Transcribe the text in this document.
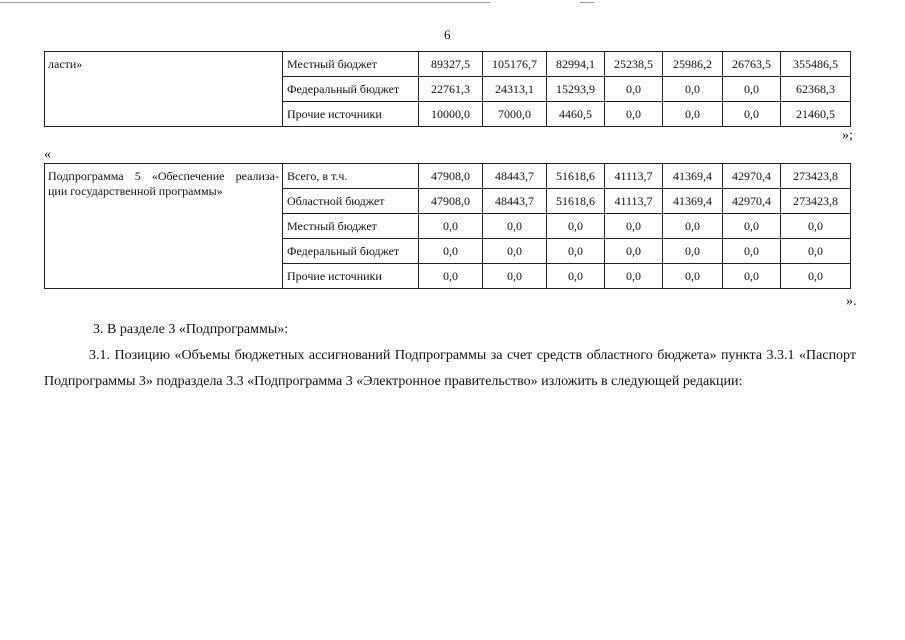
6
ласти»	Местный бюджет	89327,5	105176,7	82994,1	25238,5	25986,2	26763,5	355486,5
	Федеральный бюджет	22761,3	24313,1	15293,9	0,0	0,0	0,0	62368,3
	Прочие источники	10000,0	7000,0	4460,5	0,0	0,0	0,0	21460,5
»;
«
Подпрограмма 5 «Обеспечение реализа-
ции государственной программы»	Всего, в т.ч.	47908,0	48443,7	51618,6	41113,7	41369,4	42970,4	273423,8
	Областной бюджет	47908,0	48443,7	51618,6	41113,7	41369,4	42970,4	273423,8
	Местный бюджет	0,0	0,0	0,0	0,0	0,0	0,0	0,0
	Федеральный бюджет	0,0	0,0	0,0	0,0	0,0	0,0	0,0
	Прочие источники	0,0	0,0	0,0	0,0	0,0	0,0	0,0
».
3. В разделе 3 «Подпрограммы»:
3.1. Позицию «Объемы бюджетных ассигнований Подпрограммы за счет средств областного бюджета» пункта 3.3.1 «Паспорт Подпрограммы 3» подраздела 3.3 «Подпрограмма 3 «Электронное правительство» изложить в следующей редакции:
